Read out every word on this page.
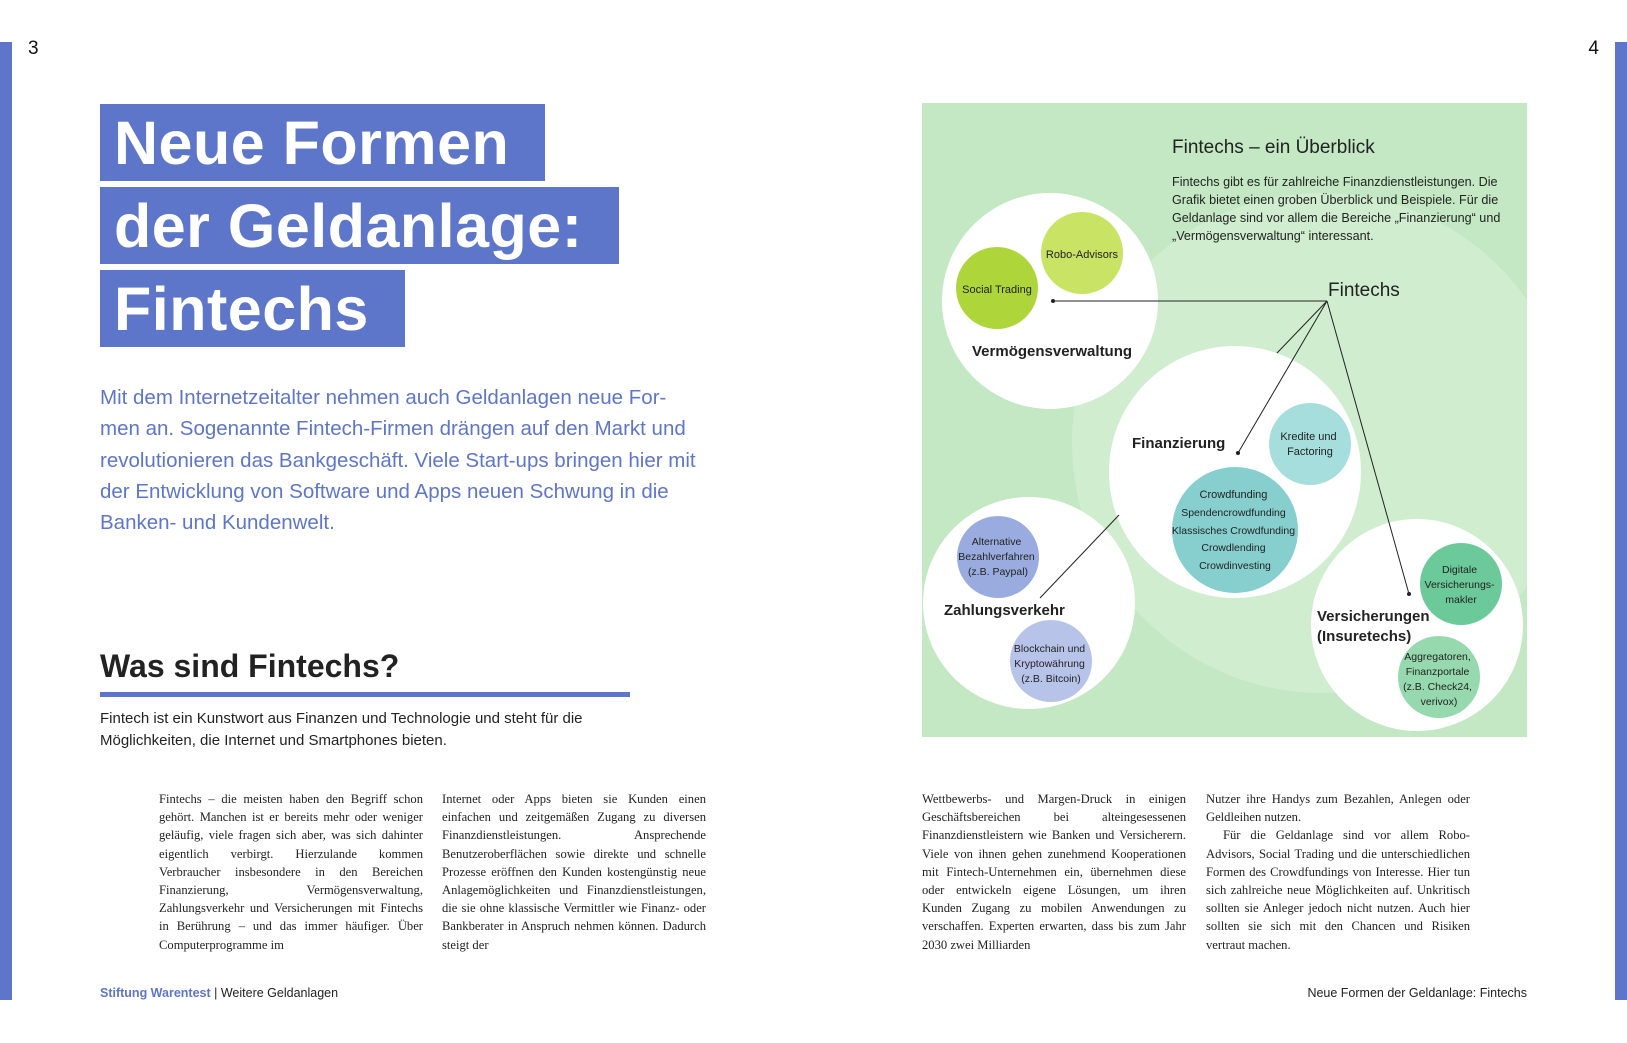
3	4
Neue Formen
der Geldanlage:
Fintechs
Mit dem Internetzeitalter nehmen auch Geldanlagen neue For-men an. Sogenannte Fintech-Firmen drängen auf den Markt und revolutionieren das Bankgeschäft. Viele Start-ups bringen hier mit der Entwicklung von Software und Apps neuen Schwung in die Banken- und Kundenwelt.
Was sind Fintechs?
Fintech ist ein Kunstwort aus Finanzen und Technologie und steht für die Möglichkeiten, die Internet und Smartphones bieten.

Fintechs – die meisten haben den Begriff schon gehört. Manchen ist er bereits mehr oder weniger geläufig, viele fragen sich aber, was sich dahinter eigentlich verbirgt. Hierzulande kommen Verbraucher insbesondere in den Bereichen Finanzierung, Vermögensverwaltung, Zahlungsverkehr und Versicherungen mit Fintechs in Berührung – und das immer häufiger. Über Computerprogramme im

Internet oder Apps bieten sie Kunden einen einfachen und zeitgemäßen Zugang zu diversen Finanzdienstleistungen. Ansprechende Benutzeroberflächen sowie direkte und schnelle Prozesse eröffnen den Kunden kostengünstig neue Anlagemöglichkeiten und Finanzdienstleistungen, die sie ohne klassische Vermittler wie Finanz- oder Bankberater in Anspruch nehmen können. Dadurch steigt der

Wettbewerbs- und Margen-Druck in einigen Geschäftsbereichen bei alteingesessenen Finanzdienstleistern wie Banken und Versicherern. Viele von ihnen gehen zunehmend Kooperationen mit Fintech-Unternehmen ein, übernehmen diese oder entwickeln eigene Lösungen, um ihren Kunden Zugang zu mobilen Anwendungen zu verschaffen. Experten erwarten, dass bis zum Jahr 2030 zwei Milliarden

Nutzer ihre Handys zum Bezahlen, Anlegen oder Geldleihen nutzen.

Für die Geldanlage sind vor allem Robo-Advisors, Social Trading und die unterschiedlichen Formen des Crowdfundings von Interesse. Hier tun sich zahlreiche neue Möglichkeiten auf. Unkritisch sollten sie Anleger jedoch nicht nutzen. Auch hier sollten sie sich mit den Chancen und Risiken vertraut machen.

Stiftung Warentest | Weitere Geldanlagen	Neue Formen der Geldanlage: Fintechs
Fintechs – ein Überblick
Fintechs gibt es für zahlreiche Finanzdienstleistungen. Die Grafik bietet einen groben Überblick und Beispiele. Für die Geldanlage sind vor allem die Bereiche „Finanzierung“ und „Vermögensverwaltung“ interessant.
Fintechs
Robo-Advisors
Social Trading
Vermögensverwaltung
Finanzierung	Kredite und Factoring
Crowdfunding Spendencrowdfunding Klassisches Crowdfunding Crowdlending Crowdinvesting
Alternative Bezahlverfahren (z.B. Paypal)
Zahlungsverkehr
Blockchain und Kryptowährung (z.B. Bitcoin)
Digitale Versicherungs- makler
Versicherungen (Insuretechs)
Aggregatoren, Finanzportale (z.B. Check24, verivox)
